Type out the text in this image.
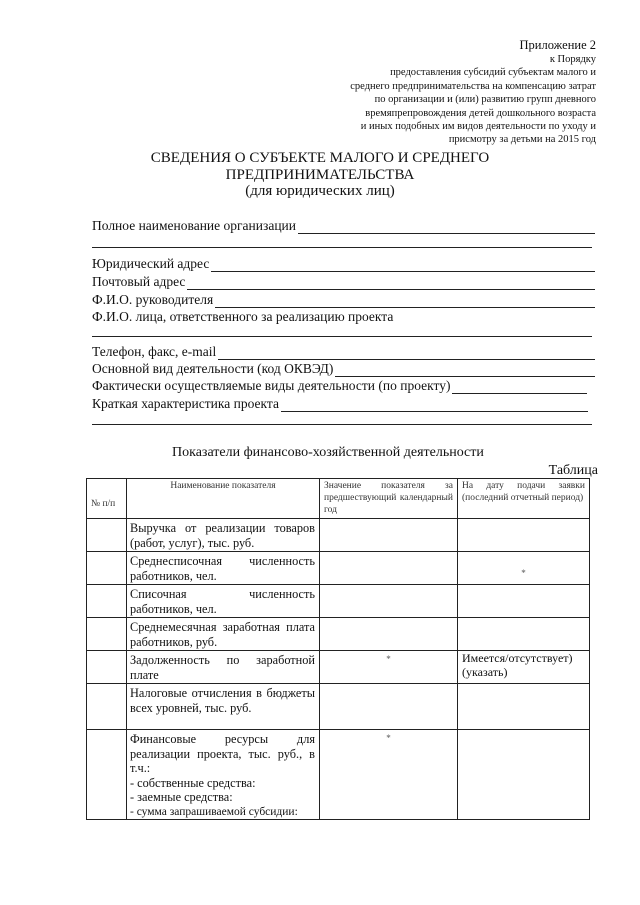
Приложение 2
к Порядку
предоставления субсидий субъектам малого и
среднего предпринимательства на компенсацию затрат
по организации и (или) развитию групп дневного
времяпрепровождения детей дошкольного возраста
и иных подобных им видов деятельности по уходу и
присмотру за детьми на 2015 год
СВЕДЕНИЯ О СУБЪЕКТЕ МАЛОГО И СРЕДНЕГО
ПРЕДПРИНИМАТЕЛЬСТВА
(для юридических лиц)
Полное наименование организации
Юридический адрес
Почтовый адрес
Ф.И.О. руководителя
Ф.И.О. лица, ответственного за реализацию проекта
Телефон, факс, e-mail
Основной вид деятельности (код ОКВЭД)
Фактически осуществляемые виды деятельности (по проекту)
Краткая характеристика проекта
Показатели финансово-хозяйственной деятельности
Таблица
№ п/п	Наименование показателя	Значение показателя за предшествующий календарный год	На дату подачи заявки (последний отчетный период)
	Выручка от реализации товаров (работ, услуг), тыс. руб.		
	Среднесписочная численность работников, чел.		*
	Списочная численность работников, чел.		
	Среднемесячная заработная плата работников, руб.		
	Задолженность по заработной плате	*	Имеется/отсутствует) (указать)
	Налоговые отчисления в бюджеты всех уровней, тыс. руб.		

	Финансовые ресурсы для реализации проекта, тыс. руб., в т.ч.:
- собственные средства:
- заемные средства:
- сумма запрашиваемой субсидии:	*	
